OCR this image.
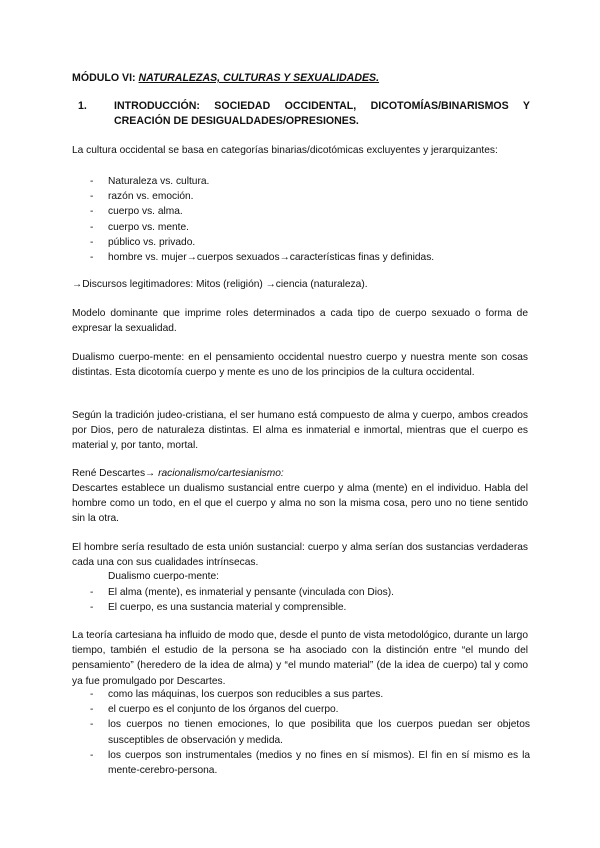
MÓDULO VI: NATURALEZAS, CULTURAS Y SEXUALIDADES.
1.	INTRODUCCIÓN: SOCIEDAD OCCIDENTAL, DICOTOMÍAS/BINARISMOS Y CREACIÓN DE DESIGUALDADES/OPRESIONES.
La cultura occidental se basa en categorías binarias/dicotómicas excluyentes y jerarquizantes:
- Naturaleza vs. cultura.
- razón vs. emoción.
- cuerpo vs. alma.
- cuerpo vs. mente.
- público vs. privado.
- hombre vs. mujer→cuerpos sexuados→características finas y definidas.
→Discursos legitimadores: Mitos (religión) →ciencia (naturaleza).
Modelo dominante que imprime roles determinados a cada tipo de cuerpo sexuado o forma de expresar la sexualidad.
Dualismo cuerpo-mente: en el pensamiento occidental nuestro cuerpo y nuestra mente son cosas distintas. Esta dicotomía cuerpo y mente es uno de los principios de la cultura occidental.
Según la tradición judeo-cristiana, el ser humano está compuesto de alma y cuerpo, ambos creados por Dios, pero de naturaleza distintas. El alma es inmaterial e inmortal, mientras que el cuerpo es material y, por tanto, mortal.
René Descartes→ racionalismo/cartesianismo:
Descartes establece un dualismo sustancial entre cuerpo y alma (mente) en el individuo. Habla del hombre como un todo, en el que el cuerpo y alma no son la misma cosa, pero uno no tiene sentido sin la otra.
El hombre sería resultado de esta unión sustancial: cuerpo y alma serían dos sustancias verdaderas cada una con sus cualidades intrínsecas.
Dualismo cuerpo-mente:
- El alma (mente), es inmaterial y pensante (vinculada con Dios).
- El cuerpo, es una sustancia material y comprensible.
La teoría cartesiana ha influido de modo que, desde el punto de vista metodológico, durante un largo tiempo, también el estudio de la persona se ha asociado con la distinción entre “el mundo del pensamiento” (heredero de la idea de alma) y “el mundo material” (de la idea de cuerpo) tal y como ya fue promulgado por Descartes.
- como las máquinas, los cuerpos son reducibles a sus partes.
- el cuerpo es el conjunto de los órganos del cuerpo.
- los cuerpos no tienen emociones, lo que posibilita que los cuerpos puedan ser objetos susceptibles de observación y medida.
- los cuerpos son instrumentales (medios y no fines en sí mismos). El fin en sí mismo es la mente-cerebro-persona.
